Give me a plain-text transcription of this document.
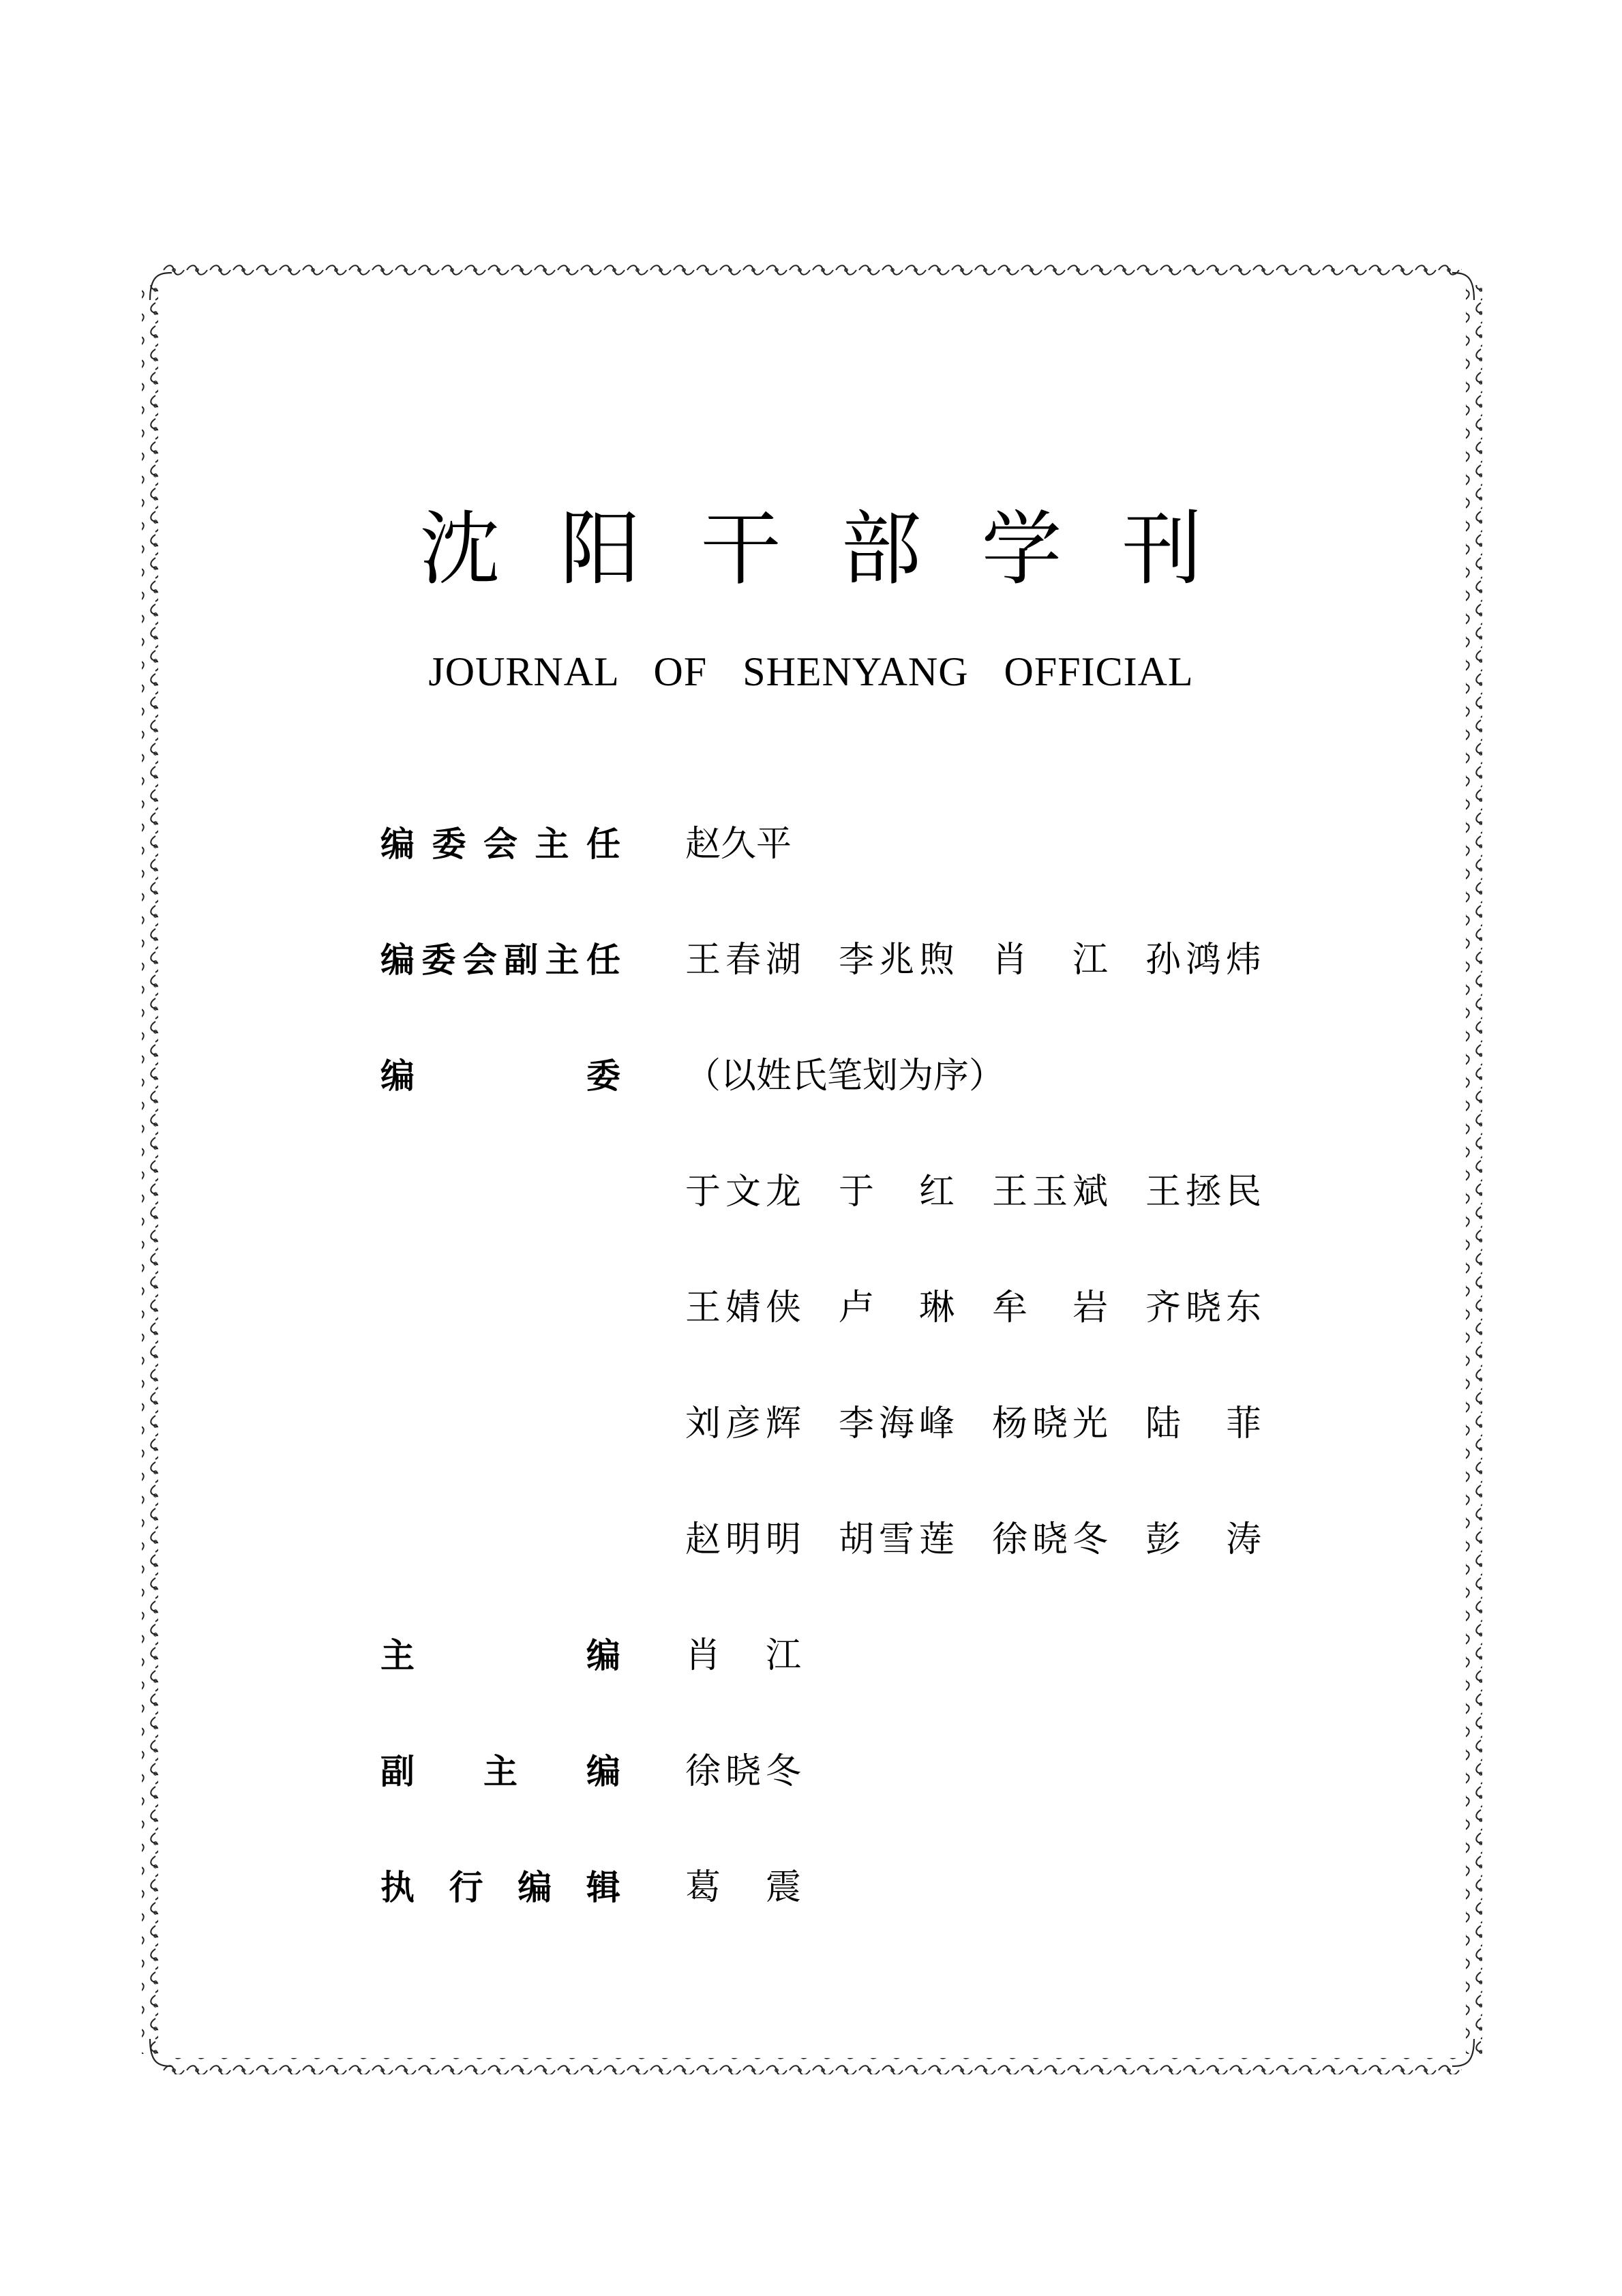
沈阳干部学刊
JOURNAL OF SHENYANG OFFICIAL
编委会主任 赵久平
编委会副主任 王春湖 李兆煦 肖　江 孙鸿炜
编委 （以姓氏笔划为序）
于文龙 于　红 王玉斌 王拯民
王婧侠 卢　琳 牟　岩 齐晓东
刘彦辉 李海峰 杨晓光 陆　菲
赵明明 胡雪莲 徐晓冬 彭　涛
主编 肖　江
副主编 徐晓冬
执行编辑 葛　震
